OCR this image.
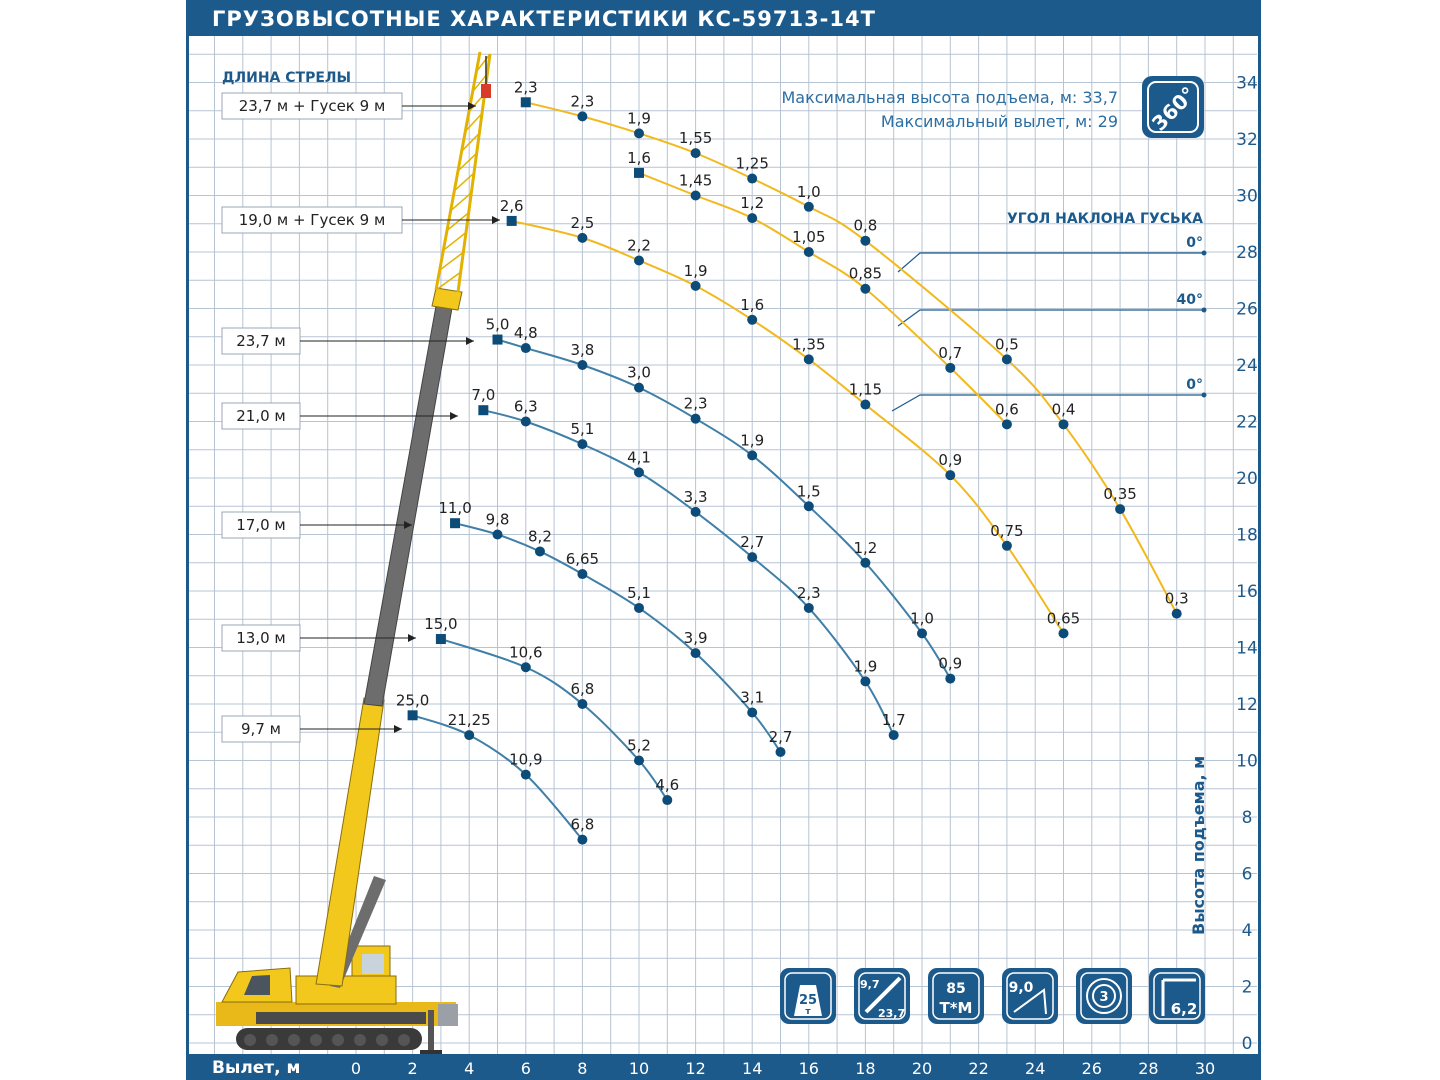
ГРУЗОВЫСОТНЫЕ ХАРАКТЕРИСТИКИ КС-59713-14Т
Вылет, м	0	2	4	6	8	10 12 14 16 18 20 22 24 26 28 30
0
2
4
6
8
10
12
14
16
18
20
22
24
26
28
30
32
34
Высота подъема, м
ДЛИНА СТРЕЛЫ
23,7 м + Гусек 9 м
19,0 м + Гусек 9 м
23,7 м
21,0 м
17,0 м
13,0 м
9,7 м
УГОЛ НАКЛОНА ГУСЬКА
0°
40°
0°
25,0
21,25
10,9
6,8
15,0
10,6
6,8
5,2
4,6
11,0
9,8
8,2
6,65
5,1
3,9
3,1
2,7
7,0
6,3
5,1
4,1
3,3
2,7
2,3
1,9
1,7
5,0 4,8
3,8
3,0
2,3
1,9
1,5
1,2
1,0
0,9
2,6
2,5
2,2
1,9
1,6
1,35
1,15
0,9
0,75
0,65
2,3
2,3
1,9
1,55
1,25
1,0
0,8
0,5
0,4
0,35
0,3
1,6
1,45
1,2
1,05
0,85
0,7
0,6
Максимальная высота подъема, м: 33,7
Максимальный вылет, м: 29 360°
25
т
9,7
23,7
85
Т*М
9,0
3
6,2
